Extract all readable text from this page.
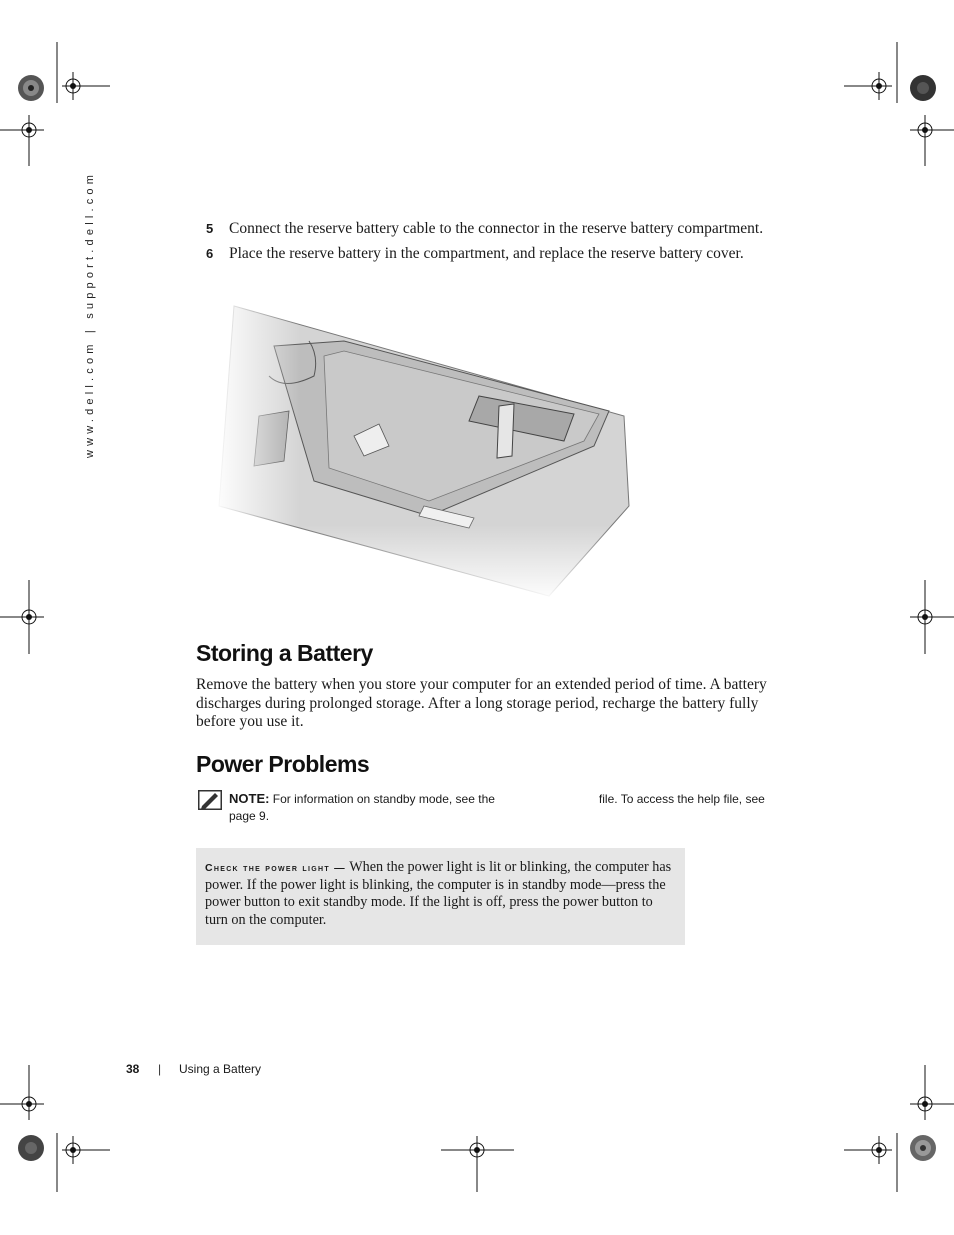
www.dell.com | support.dell.com	5	Connect the reserve battery cable to the connector in the reserve battery compartment.
6	Place the reserve battery in the compartment, and replace the reserve battery cover.
Storing a Battery
Remove the battery when you store your computer for an extended period of time. A battery discharges during prolonged storage. After a long storage period, recharge the battery fully before you use it.
Power Problems
NOTE: For information on standby mode, see the	file. To access the help file, see
page 9.
Check the power light — When the power light is lit or blinking, the computer has power. If the power light is blinking, the computer is in standby mode—press the power button to exit standby mode. If the light is off, press the power button to turn on the computer.
38 | Using a Battery
